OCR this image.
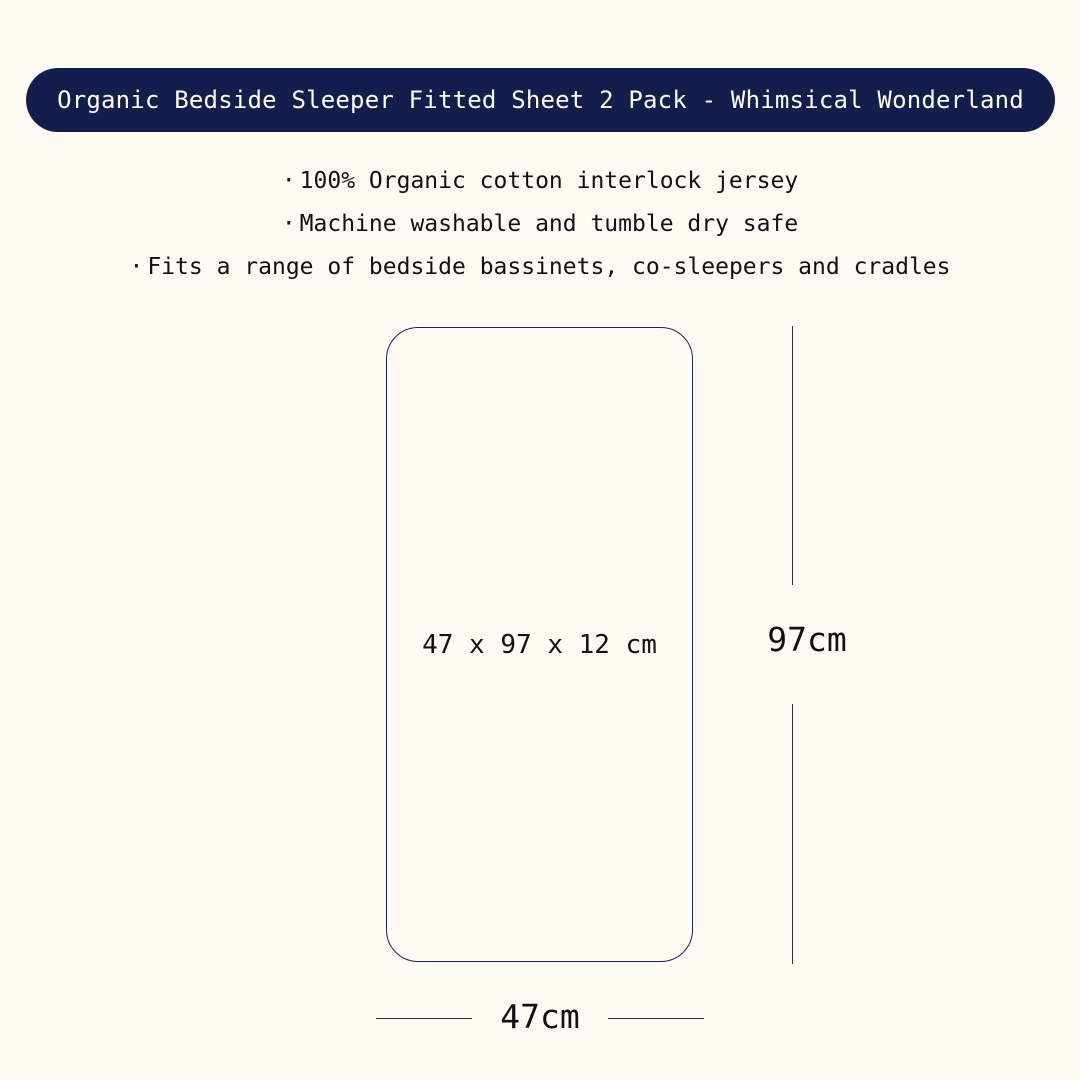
Organic Bedside Sleeper Fitted Sheet 2 Pack - Whimsical Wonderland
· 100% Organic cotton interlock jersey
· Machine washable and tumble dry safe
· Fits a range of bedside bassinets, co-sleepers and cradles
47 x 97 x 12 cm	97cm
47cm
